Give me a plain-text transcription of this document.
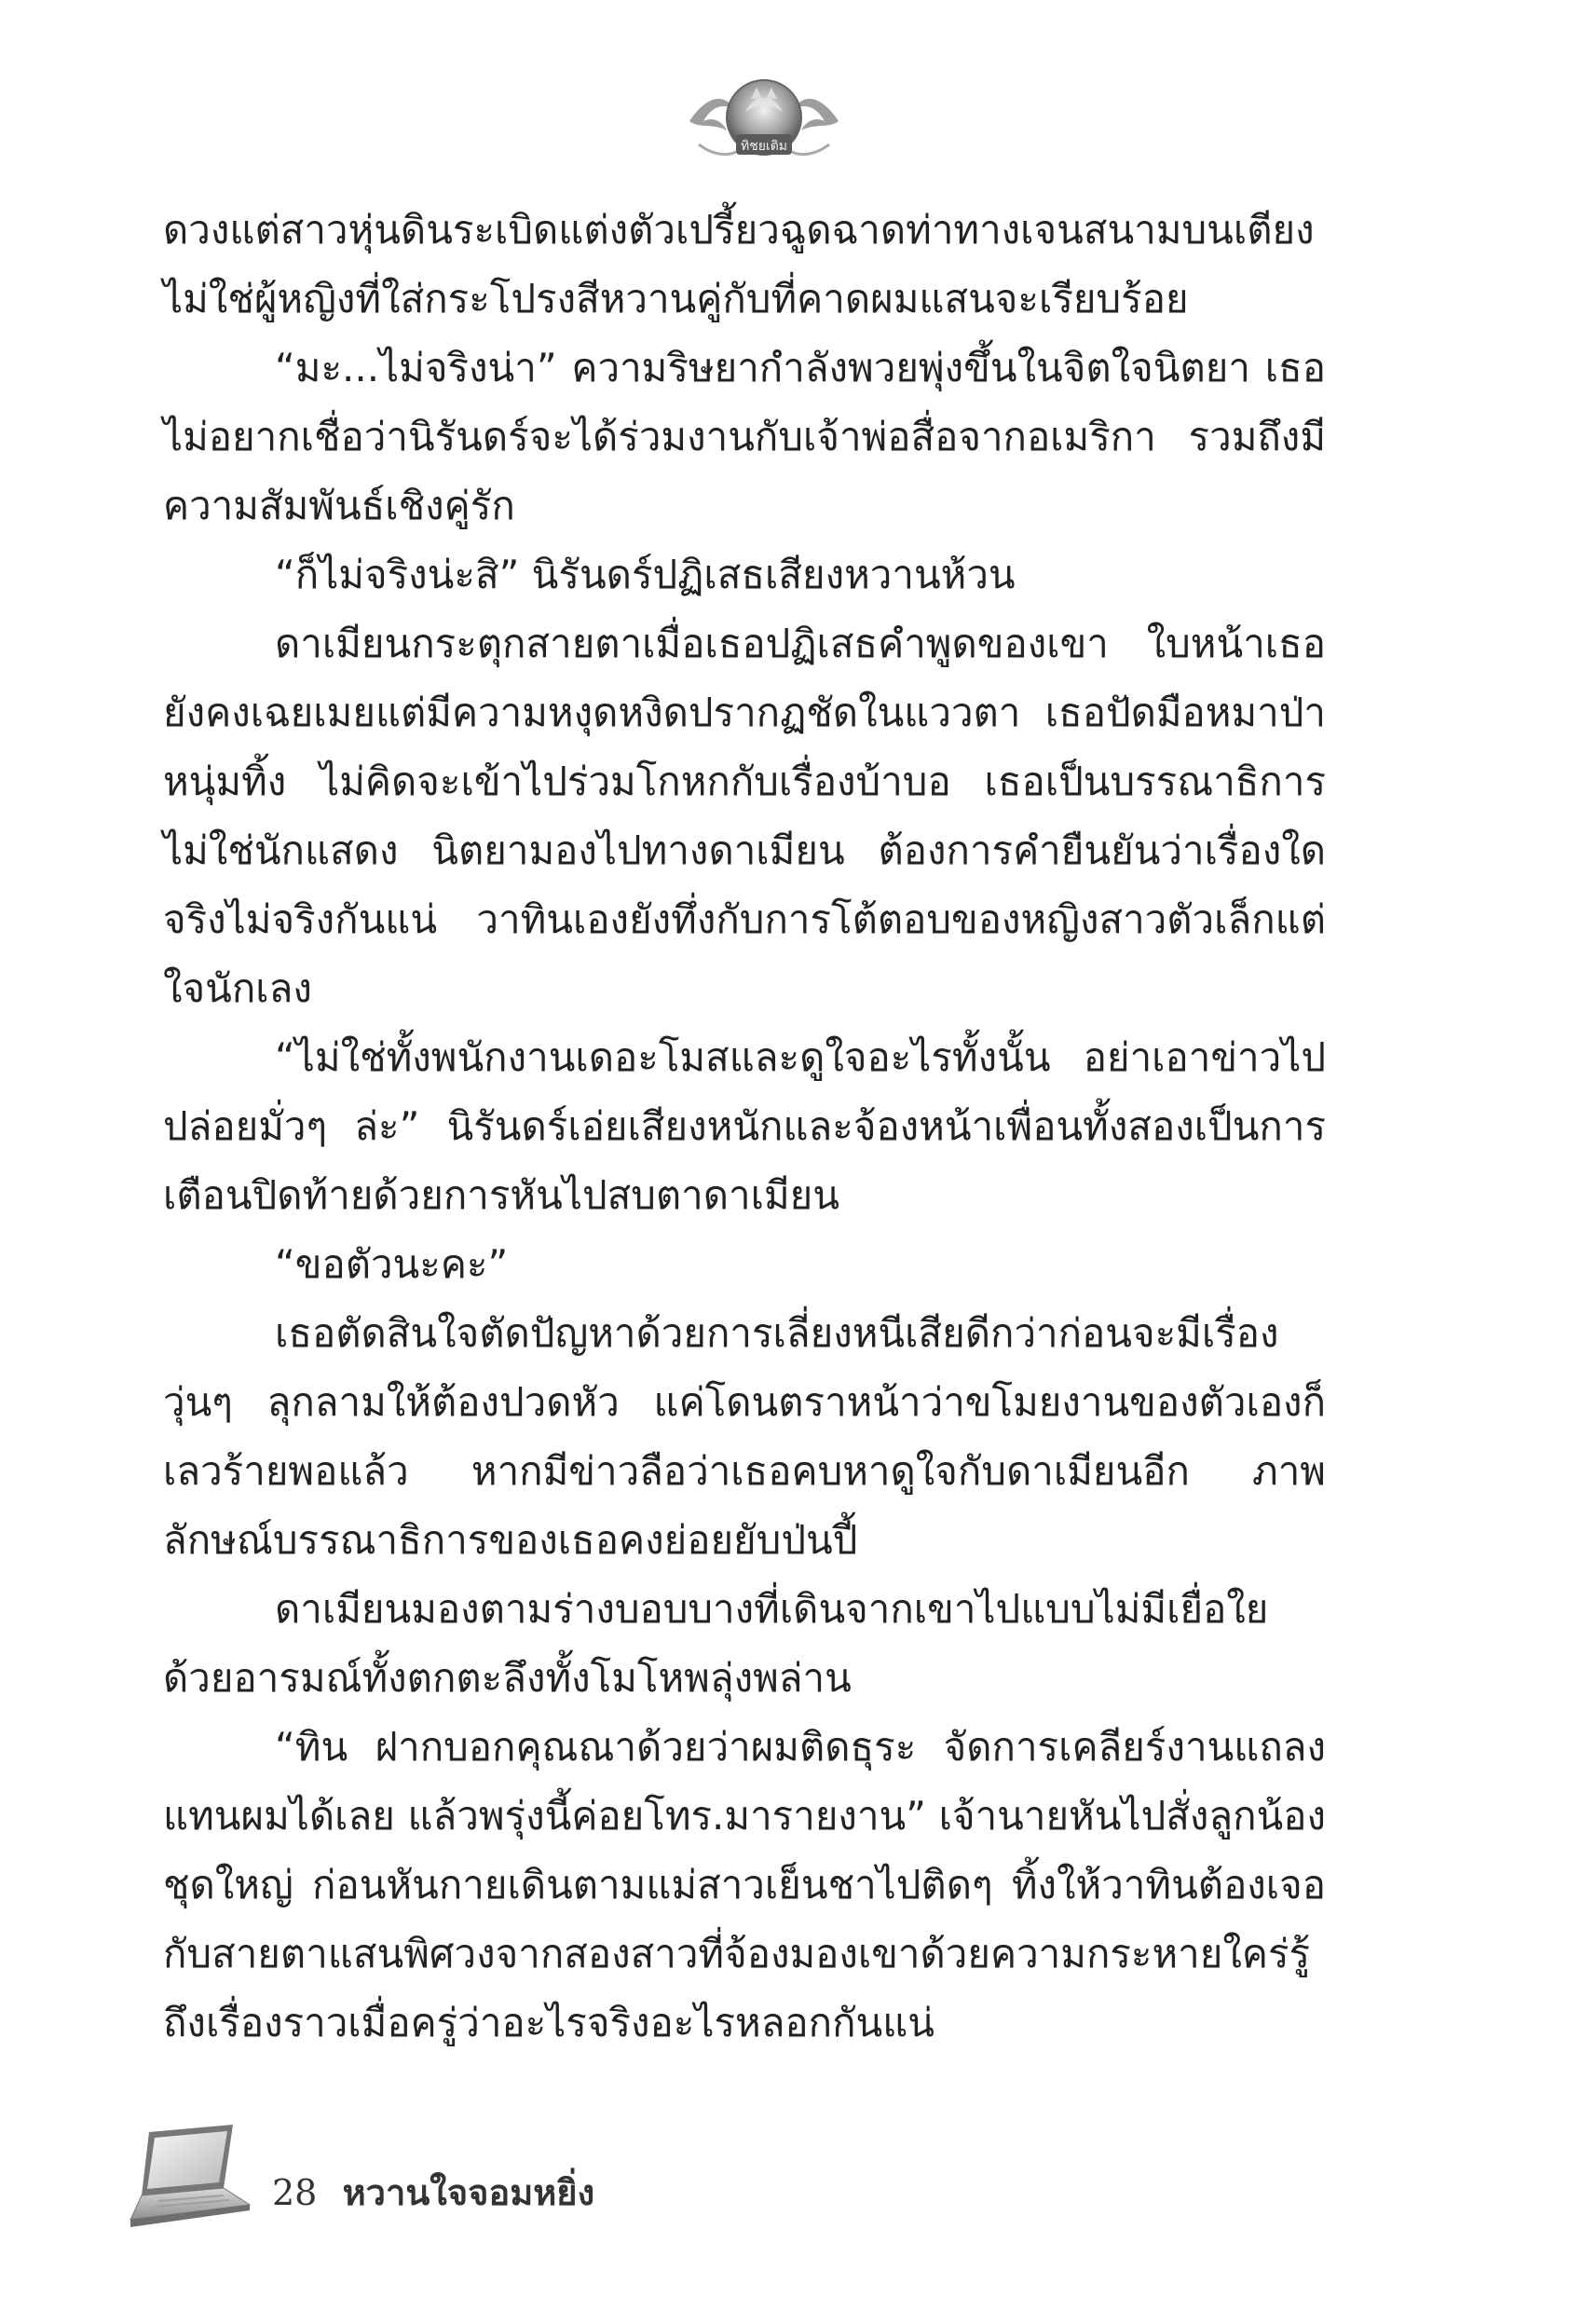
ทิชยเติม

ดวงแต่สาวหุ่นดินระเบิดแต่งตัวเปรี้ยวฉูดฉาดท่าทางเจนสนามบนเตียง ไม่ใช่ผู้หญิงที่ใส่กระโปรงสีหวานคู่กับที่คาดผมแสนจะเรียบร้อย

“มะ...ไม่จริงน่า” ความริษยากำลังพวยพุ่งขึ้นในจิตใจนิตยา เธอไม่อยากเชื่อว่านิรันดร์จะได้ร่วมงานกับเจ้าพ่อสื่อจากอเมริกา รวมถึงมีความสัมพันธ์เชิงคู่รัก

“ก็ไม่จริงน่ะสิ” นิรันดร์ปฏิเสธเสียงหวานห้วน

ดาเมียนกระตุกสายตาเมื่อเธอปฏิเสธคำพูดของเขา ใบหน้าเธอยังคงเฉยเมยแต่มีความหงุดหงิดปรากฏชัดในแววตา เธอปัดมือหมาป่าหนุ่มทิ้ง ไม่คิดจะเข้าไปร่วมโกหกกับเรื่องบ้าบอ เธอเป็นบรรณาธิการไม่ใช่นักแสดง นิตยามองไปทางดาเมียน ต้องการคำยืนยันว่าเรื่องใดจริงไม่จริงกันแน่ วาทินเองยังทึ่งกับการโต้ตอบของหญิงสาวตัวเล็กแต่ใจนักเลง

“ไม่ใช่ทั้งพนักงานเดอะโมสและดูใจอะไรทั้งนั้น อย่าเอาข่าวไปปล่อยมั่วๆ ล่ะ” นิรันดร์เอ่ยเสียงหนักและจ้องหน้าเพื่อนทั้งสองเป็นการเตือนปิดท้ายด้วยการหันไปสบตาดาเมียน

“ขอตัวนะคะ”

เธอตัดสินใจตัดปัญหาด้วยการเลี่ยงหนีเสียดีกว่าก่อนจะมีเรื่องวุ่นๆ ลุกลามให้ต้องปวดหัว แค่โดนตราหน้าว่าขโมยงานของตัวเองก็เลวร้ายพอแล้ว หากมีข่าวลือว่าเธอคบหาดูใจกับดาเมียนอีก ภาพลักษณ์บรรณาธิการของเธอคงย่อยยับป่นปี้

ดาเมียนมองตามร่างบอบบางที่เดินจากเขาไปแบบไม่มีเยื่อใยด้วยอารมณ์ทั้งตกตะลึงทั้งโมโหพลุ่งพล่าน

“ทิน ฝากบอกคุณณาด้วยว่าผมติดธุระ จัดการเคลียร์งานแถลงแทนผมได้เลย แล้วพรุ่งนี้ค่อยโทร.มารายงาน” เจ้านายหันไปสั่งลูกน้องชุดใหญ่ ก่อนหันกายเดินตามแม่สาวเย็นชาไปติดๆ ทิ้งให้วาทินต้องเจอกับสายตาแสนพิศวงจากสองสาวที่จ้องมองเขาด้วยความกระหายใคร่รู้ถึงเรื่องราวเมื่อครู่ว่าอะไรจริงอะไรหลอกกันแน่

28 หวานใจจอมหยิ่ง
